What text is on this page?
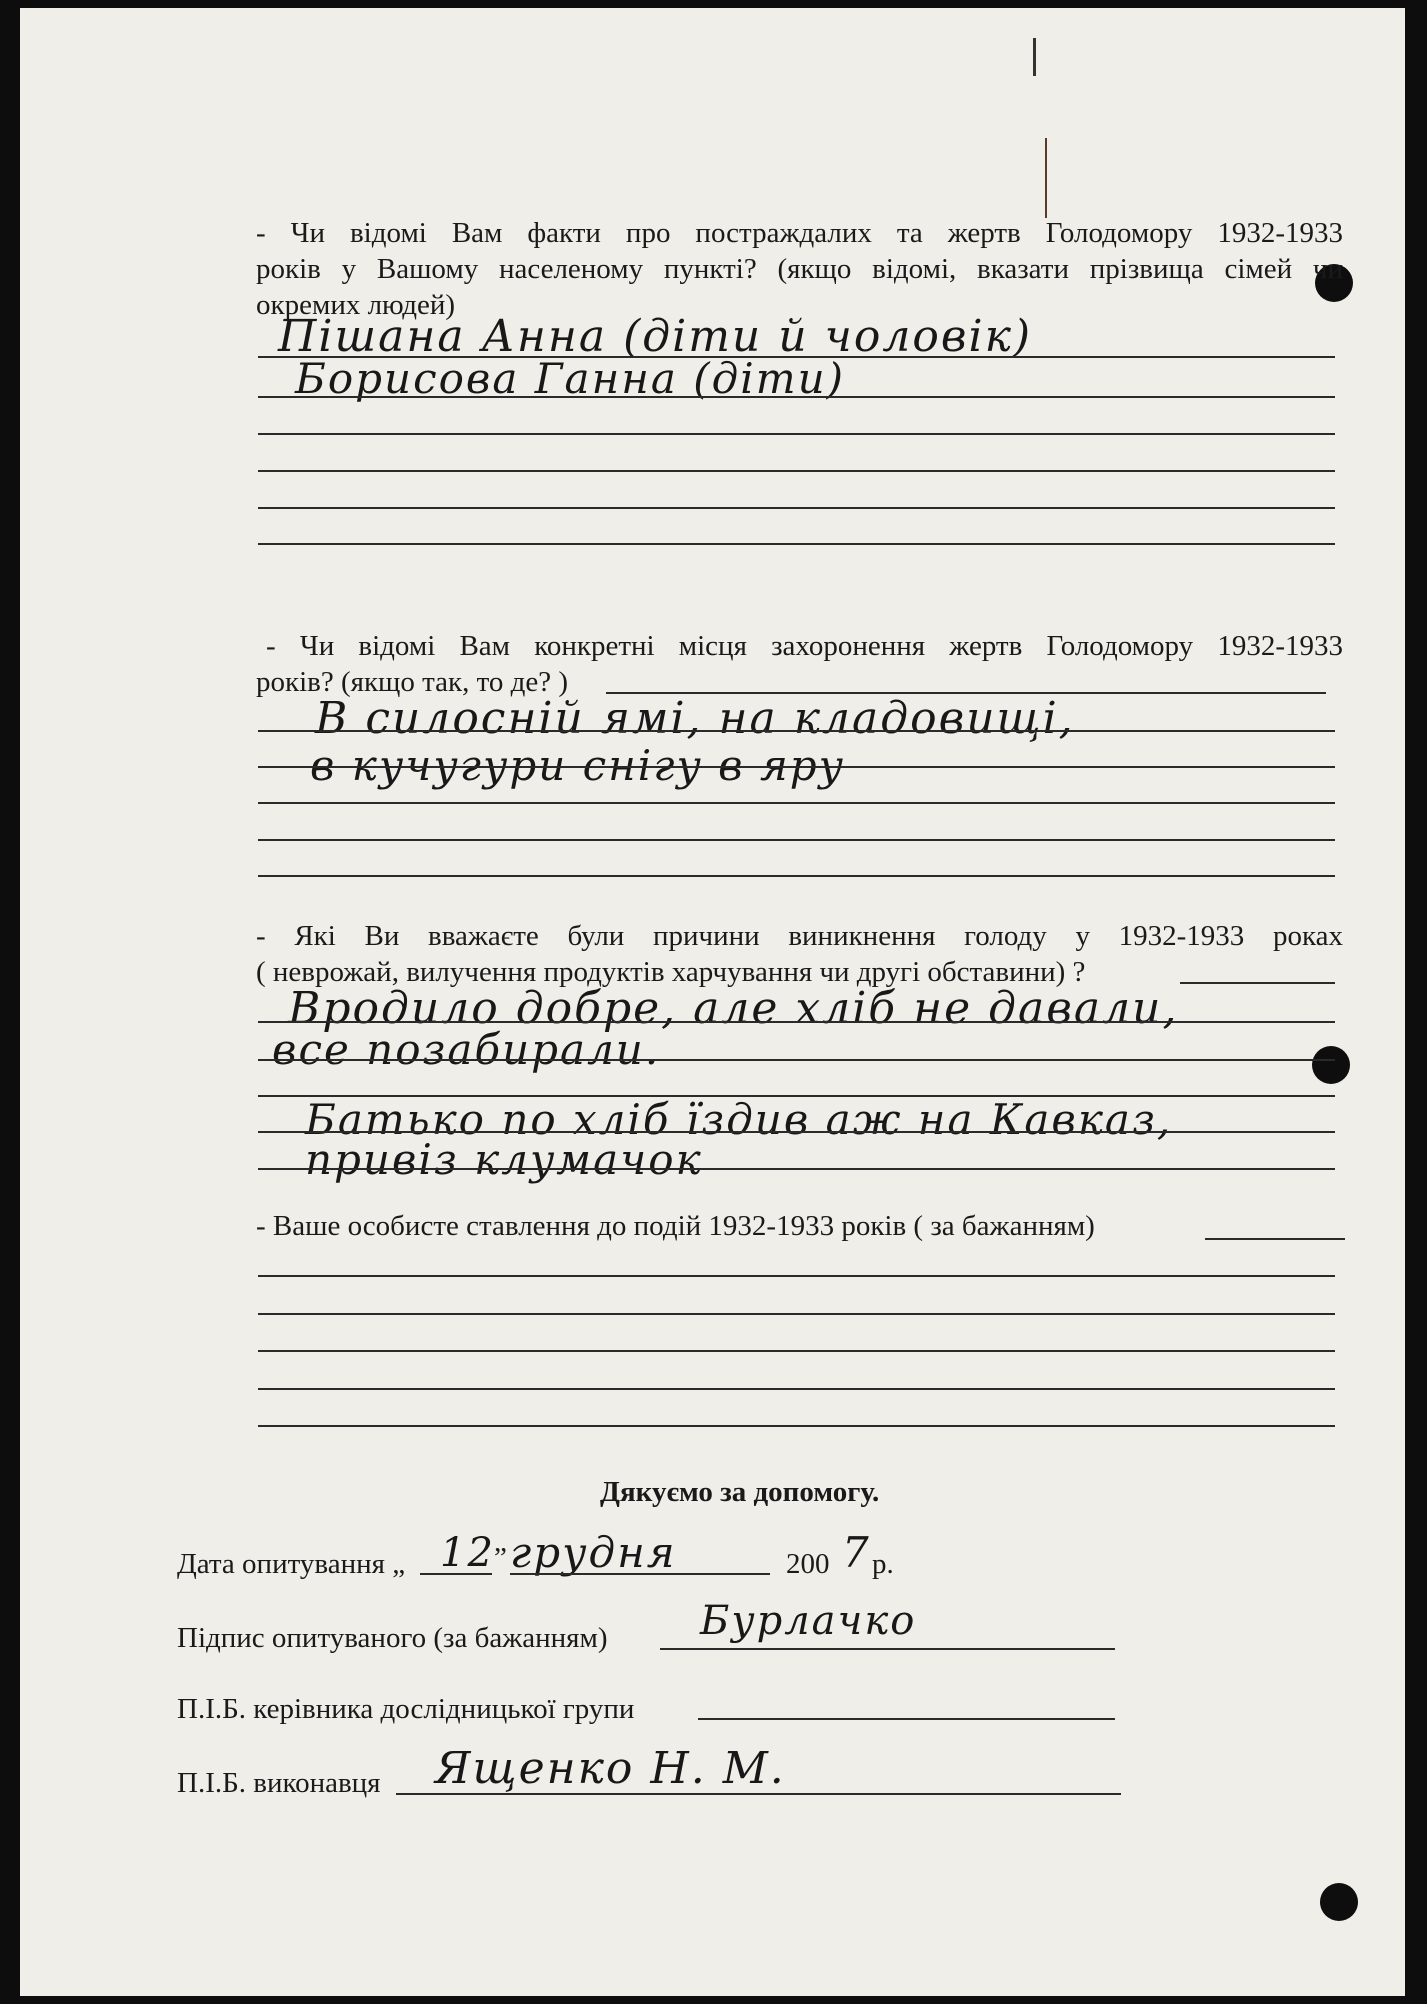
- Чи відомі Вам факти про постраждалих та жертв Голодомору 1932-1933
років у Вашому населеному пункті? (якщо відомі, вказати прізвища сімей чи
окремих людей)
Пішана Анна (діти й чоловік)
Борисова Ганна (діти)
- Чи відомі Вам конкретні місця захоронення жертв Голодомору 1932-1933
років? (якщо так, то де? )
В силосній ямі, на кладовищі,
в кучугури снігу в яру
- Які Ви вважаєте були причини виникнення голоду у 1932-1933 роках
( неврожай, вилучення продуктів харчування чи другі обставини) ?
Вродило добре, але хліб не давали,
все позабирали.
Батько по хліб їздив аж на Кавказ,
привіз клумачок
- Ваше особисте ставлення до подій 1932-1933 років ( за бажанням)
Дякуємо за допомогу.
Дата опитування „ 12 ” грудня	200 7 р.
Підпис опитуваного (за бажанням) Бурлачко
П.І.Б. керівника дослідницької групи
П.І.Б. виконавця Ященко Н. М.
